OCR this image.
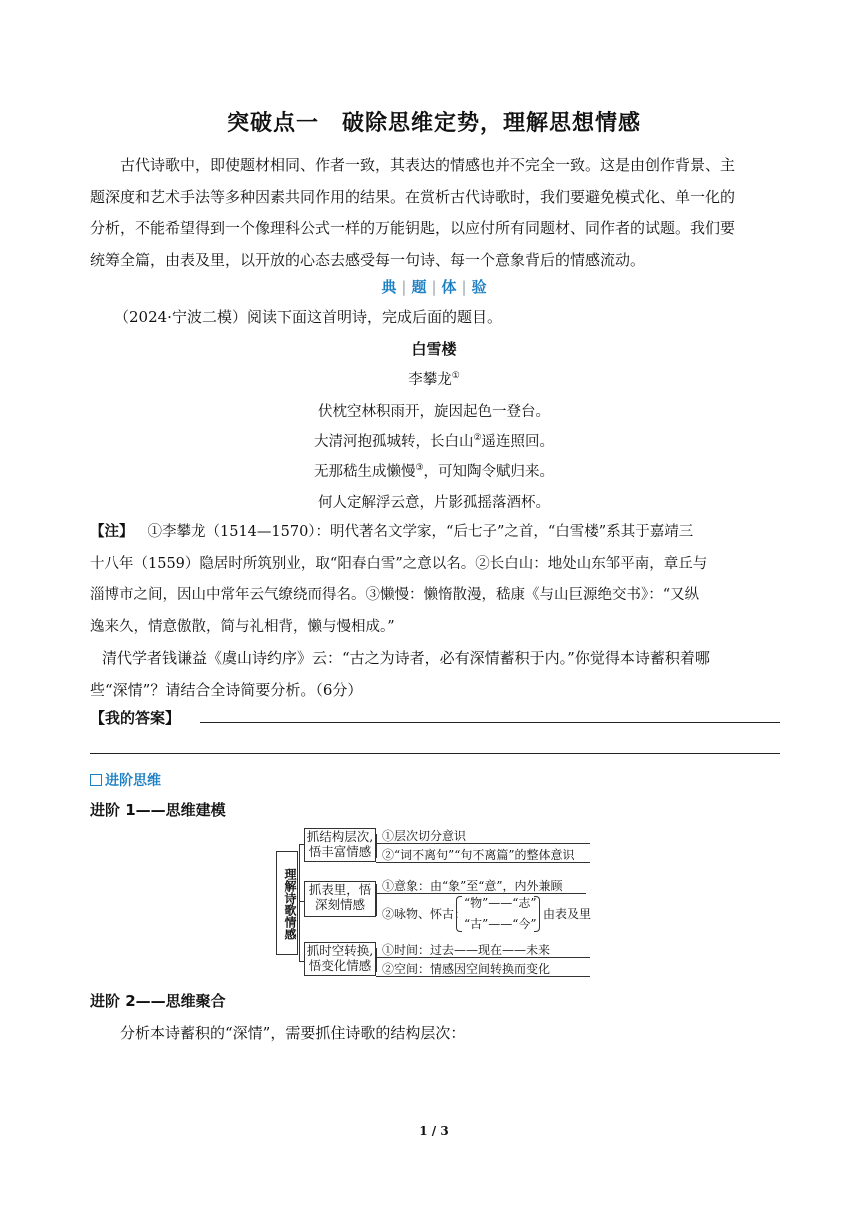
突破点一　破除思维定势，理解思想情感
古代诗歌中，即使题材相同、作者一致，其表达的情感也并不完全一致。这是由创作背景、主
题深度和艺术手法等多种因素共同作用的结果。在赏析古代诗歌时，我们要避免模式化、单一化的
分析，不能希望得到一个像理科公式一样的万能钥匙，以应付所有同题材、同作者的试题。我们要
统筹全篇，由表及里，以开放的心态去感受每一句诗、每一个意象背后的情感流动。
典 | 题 | 体 | 验
（2024·宁波二模）阅读下面这首明诗，完成后面的题目。
白雪楼
李攀龙①
伏枕空林积雨开，旋因起色一登台。
大清河抱孤城转，长白山②遥连照回。
无那嵇生成懒慢③，可知陶令赋归来。
何人定解浮云意，片影孤摇落酒杯。
【注】 ①李攀龙（1514—1570）：明代著名文学家，“后七子”之首，“白雪楼”系其于嘉靖三
十八年（1559）隐居时所筑别业，取“阳春白雪”之意以名。②长白山：地处山东邹平南，章丘与
淄博市之间，因山中常年云气缭绕而得名。③懒慢：懒惰散漫，嵇康《与山巨源绝交书》：“又纵
逸来久，情意傲散，简与礼相背，懒与慢相成。”
清代学者钱谦益《虞山诗约序》云：“古之为诗者，必有深情蓄积于内。”你觉得本诗蓄积着哪
些“深情”？请结合全诗简要分析。（6分）
【我的答案】
进阶思维
进阶 1——思维建模
理解诗歌情感
抓结构层次,
悟丰富情感
①层次切分意识
②“词不离句”“句不离篇”的整体意识
抓表里，悟
深刻情感
①意象：由“象”至“意”，内外兼顾
②咏物、怀古：
“物”——“志”
“古”——“今”
由表及里
抓时空转换,
悟变化情感
①时间：过去——现在——未来
②空间：情感因空间转换而变化
进阶 2——思维聚合
分析本诗蓄积的“深情”，需要抓住诗歌的结构层次：
1 / 3
